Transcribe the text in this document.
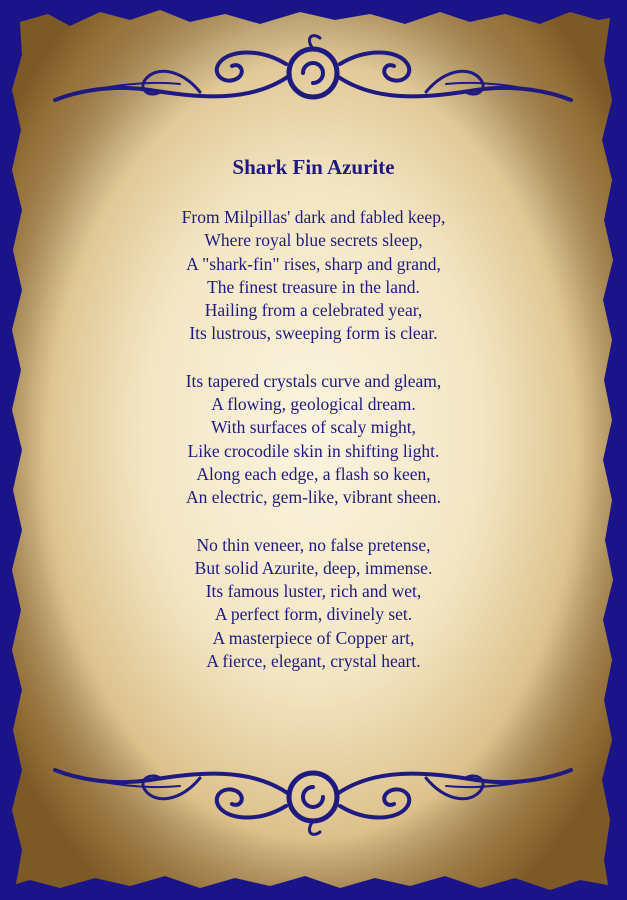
Shark Fin Azurite
From Milpillas' dark and fabled keep,
Where royal blue secrets sleep,
A "shark-fin" rises, sharp and grand,
The finest treasure in the land.
Hailing from a celebrated year,
Its lustrous, sweeping form is clear.
Its tapered crystals curve and gleam,
A flowing, geological dream.
With surfaces of scaly might,
Like crocodile skin in shifting light.
Along each edge, a flash so keen,
An electric, gem-like, vibrant sheen.
No thin veneer, no false pretense,
But solid Azurite, deep, immense.
Its famous luster, rich and wet,
A perfect form, divinely set.
A masterpiece of Copper art,
A fierce, elegant, crystal heart.
